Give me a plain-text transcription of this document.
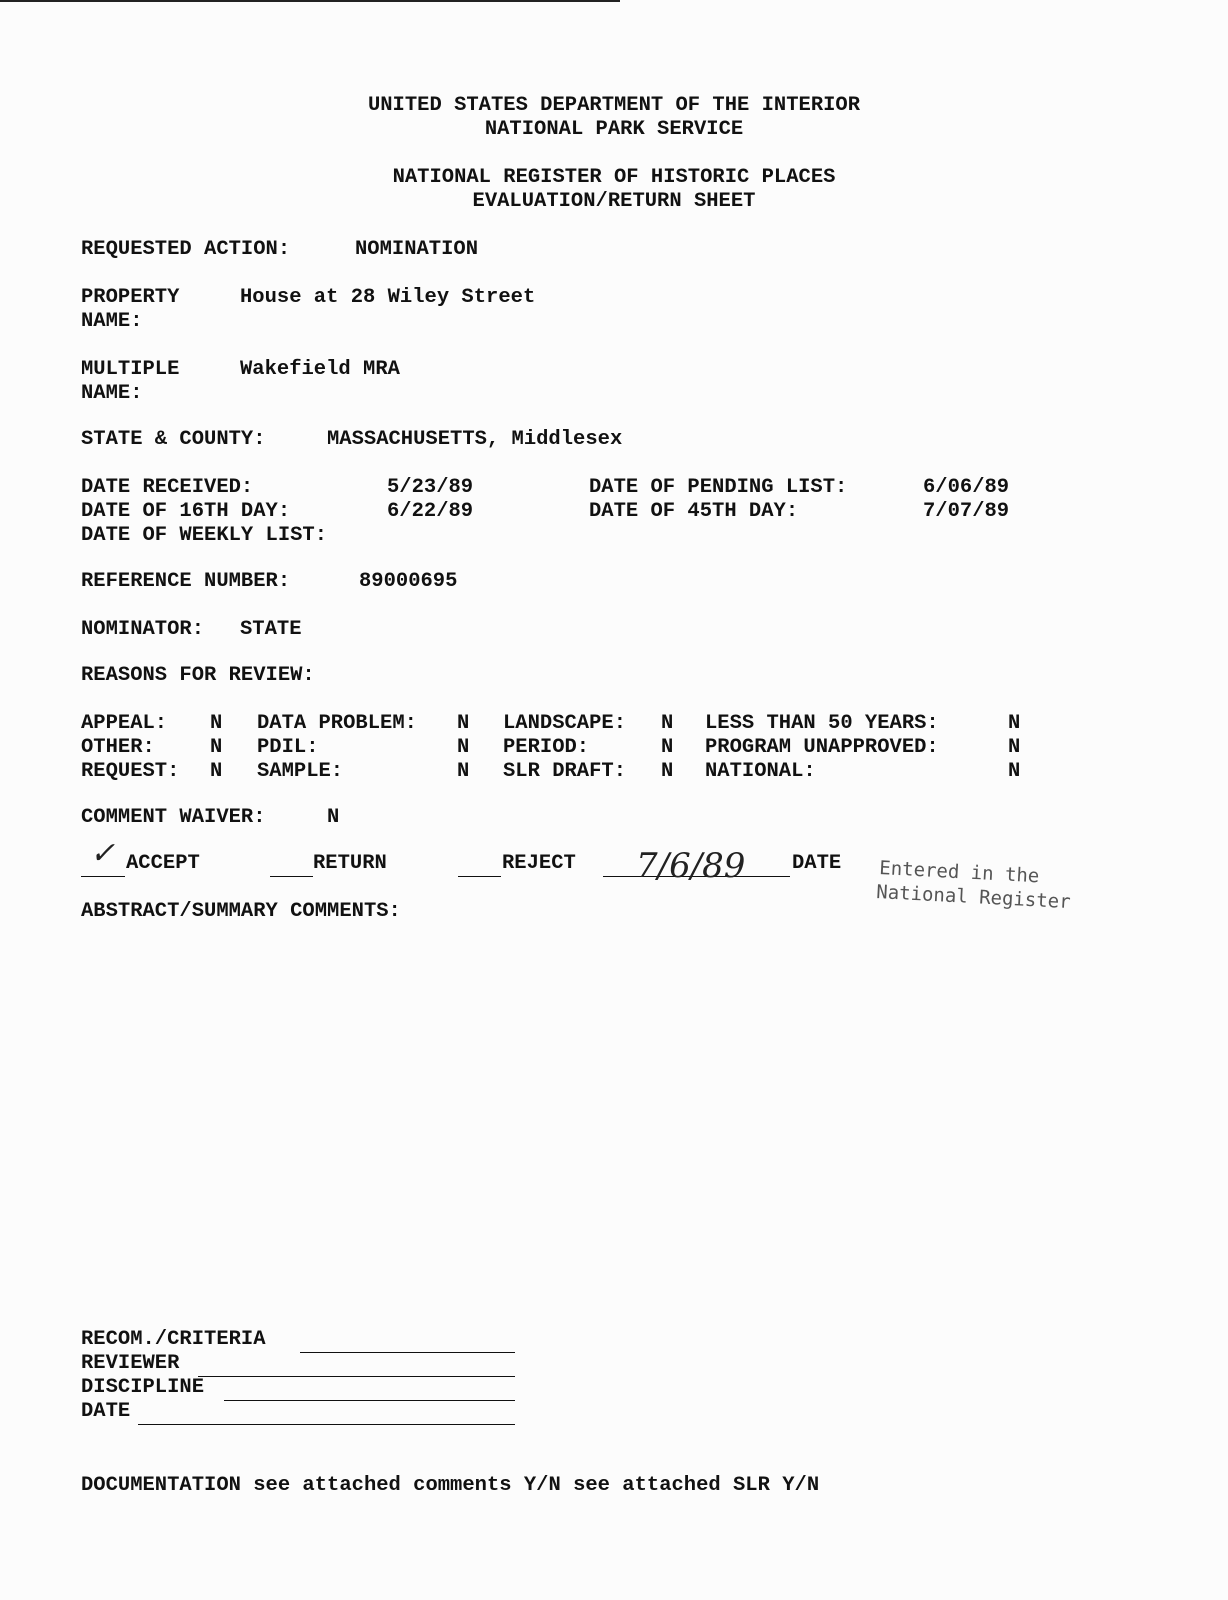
UNITED STATES DEPARTMENT OF THE INTERIOR
NATIONAL PARK SERVICE
NATIONAL REGISTER OF HISTORIC PLACES
EVALUATION/RETURN SHEET
REQUESTED ACTION:	NOMINATION
PROPERTY
NAME:
House at 28 Wiley Street
MULTIPLE
NAME:
Wakefield MRA
STATE & COUNTY:	MASSACHUSETTS, Middlesex
DATE RECEIVED:	5/23/89	DATE OF PENDING LIST:	6/06/89
DATE OF 16TH DAY:	6/22/89	DATE OF 45TH DAY:	7/07/89
DATE OF WEEKLY LIST:
REFERENCE NUMBER:	89000695
NOMINATOR: STATE
REASONS FOR REVIEW:
APPEAL: N DATA PROBLEM: N LANDSCAPE: N LESS THAN 50 YEARS:	N
OTHER:	N PDIL:	N PERIOD:	N PROGRAM UNAPPROVED:	N
REQUEST: N SAMPLE:	N SLR DRAFT: N NATIONAL:	N
COMMENT WAIVER:	N
✓ ACCEPT	RETURN	REJECT 7/6/89 DATE Entered in the
National Register
ABSTRACT/SUMMARY COMMENTS:
RECOM./CRITERIA
REVIEWER
DISCIPLINE
DATE
DOCUMENTATION see attached comments Y/N see attached SLR Y/N
